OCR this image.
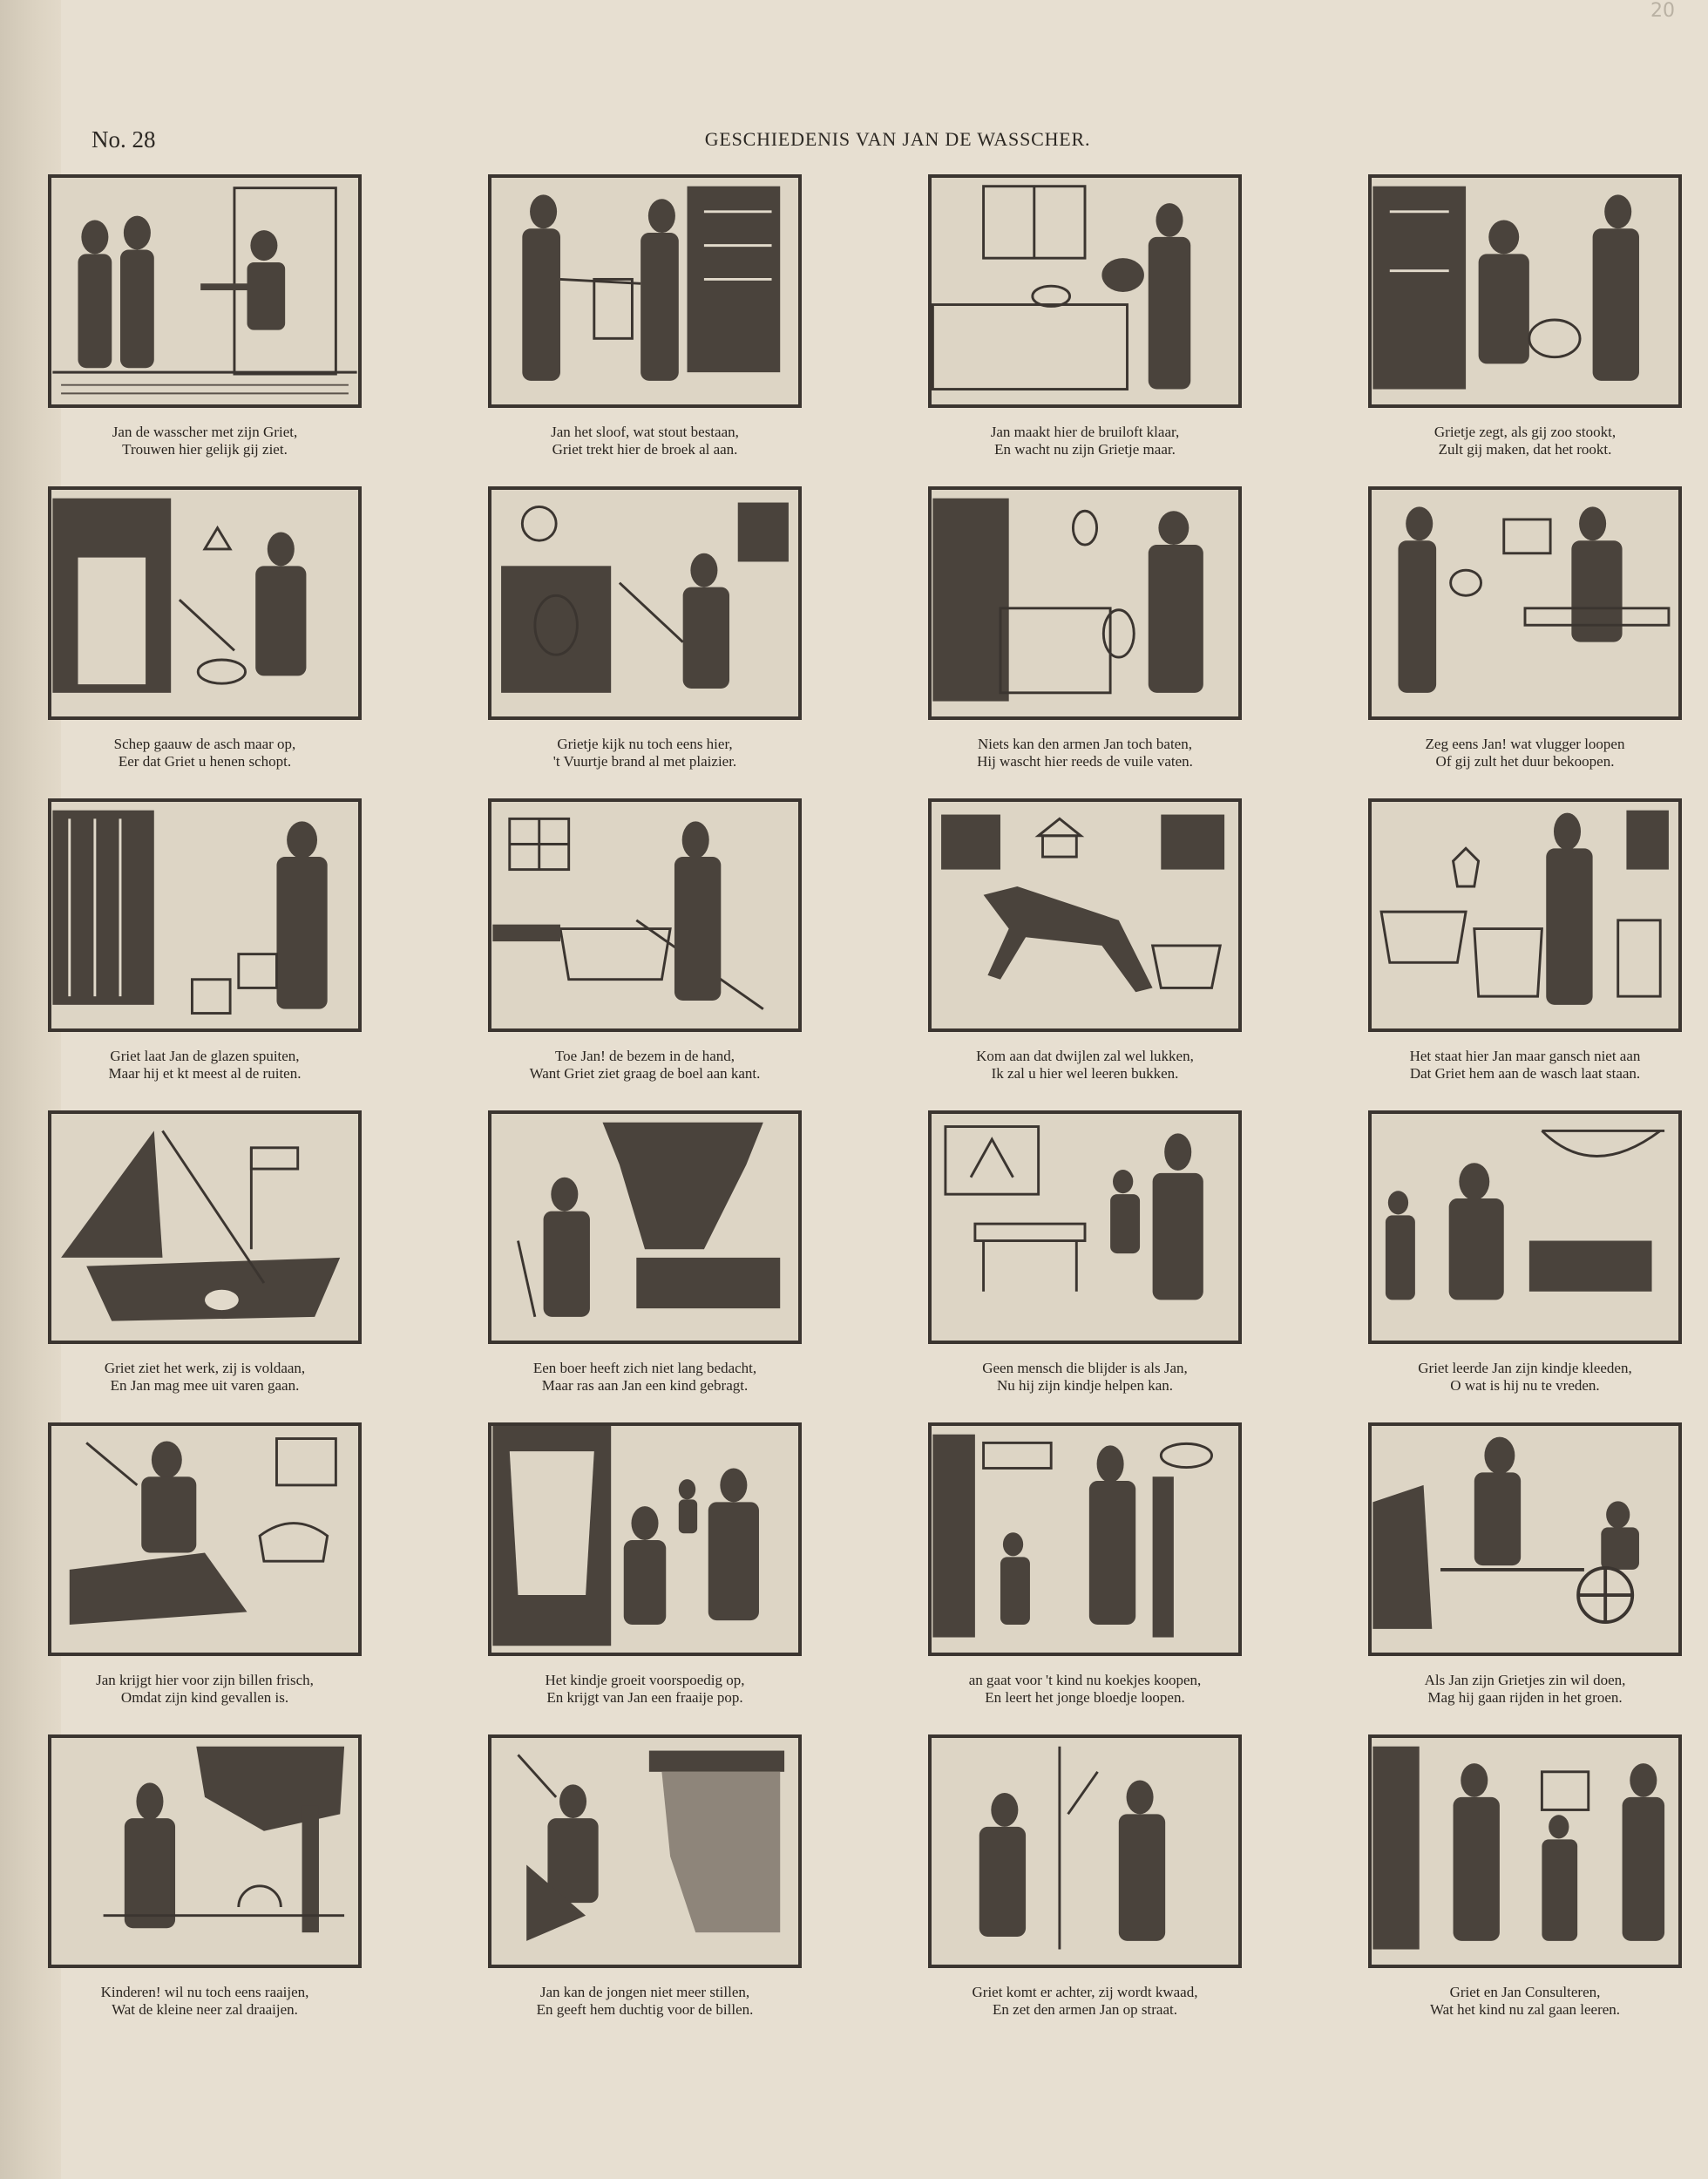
20
No. 28	GESCHIEDENIS VAN JAN DE WASSCHER.
Jan de wasscher met zijn Griet,
Trouwen hier gelijk gij ziet.
Jan het sloof, wat stout bestaan,
Griet trekt hier de broek al aan.
Jan maakt hier de bruiloft klaar,
En wacht nu zijn Grietje maar.
Grietje zegt, als gij zoo stookt,
Zult gij maken, dat het rookt.
Schep gaauw de asch maar op,
Eer dat Griet u henen schopt.
Grietje kijk nu toch eens hier,
't Vuurtje brand al met plaizier.
Niets kan den armen Jan toch baten,
Hij wascht hier reeds de vuile vaten.
Zeg eens Jan! wat vlugger loopen
Of gij zult het duur bekoopen.
Griet laat Jan de glazen spuiten,
Maar hij et kt meest al de ruiten.
Toe Jan! de bezem in de hand,
Want Griet ziet graag de boel aan kant.
Kom aan dat dwijlen zal wel lukken,
Ik zal u hier wel leeren bukken.
Het staat hier Jan maar gansch niet aan
Dat Griet hem aan de wasch laat staan.
Griet ziet het werk, zij is voldaan,
En Jan mag mee uit varen gaan.
Een boer heeft zich niet lang bedacht,
Maar ras aan Jan een kind gebragt.
Geen mensch die blijder is als Jan,
Nu hij zijn kindje helpen kan.
Griet leerde Jan zijn kindje kleeden,
O wat is hij nu te vreden.
Jan krijgt hier voor zijn billen frisch,
Omdat zijn kind gevallen is.
Het kindje groeit voorspoedig op,
En krijgt van Jan een fraaije pop.
an gaat voor 't kind nu koekjes koopen,
En leert het jonge bloedje loopen.
Als Jan zijn Grietjes zin wil doen,
Mag hij gaan rijden in het groen.
Kinderen! wil nu toch eens raaijen,
Wat de kleine neer zal draaijen.
Jan kan de jongen niet meer stillen,
En geeft hem duchtig voor de billen.
Griet komt er achter, zij wordt kwaad,
En zet den armen Jan op straat.
Griet en Jan Consulteren,
Wat het kind nu zal gaan leeren.
